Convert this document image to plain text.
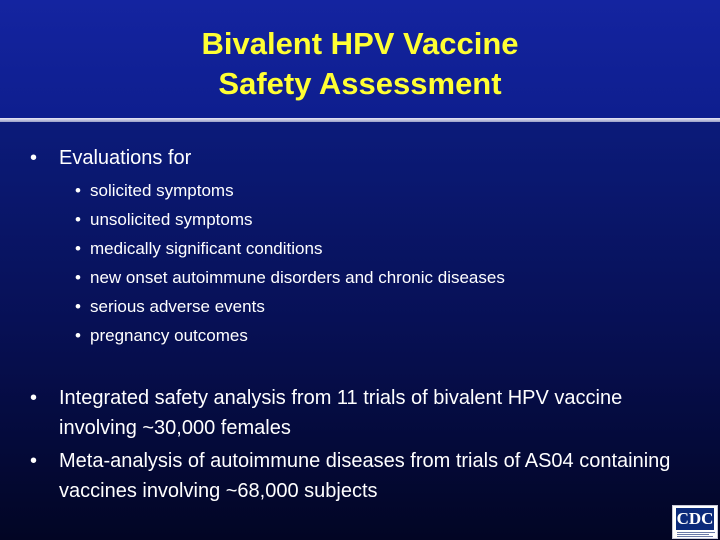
Bivalent HPV Vaccine
Safety Assessment
• Evaluations for
• solicited symptoms
• unsolicited symptoms
• medically significant conditions
• new onset autoimmune disorders and chronic diseases
• serious adverse events
• pregnancy outcomes
• Integrated safety analysis from 11 trials of bivalent HPV vaccine involving ~30,000 females
• Meta-analysis of autoimmune diseases from trials of AS04 containing vaccines involving ~68,000 subjects
CDC
